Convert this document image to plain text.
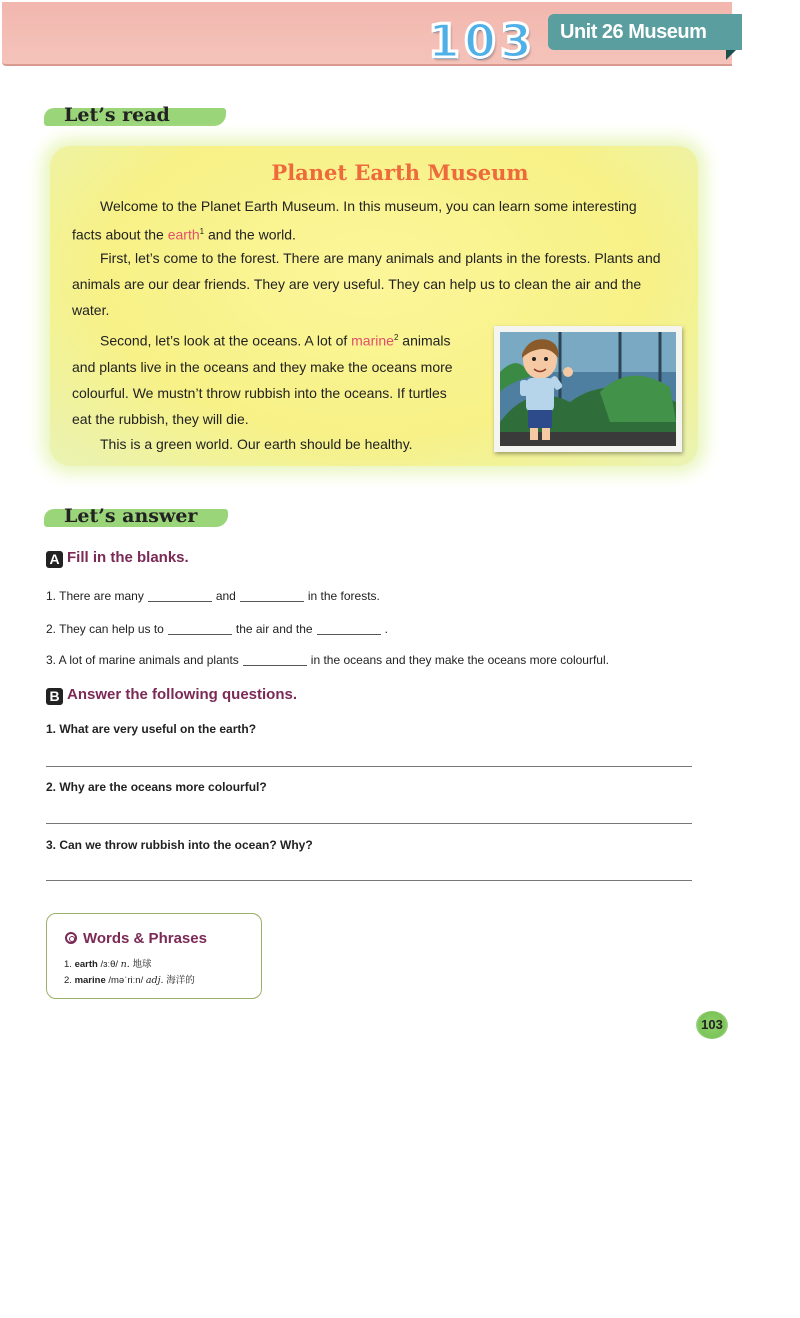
103	Unit 26 Museum
Let’s read
Planet Earth Museum
Welcome to the Planet Earth Museum. In this museum, you can learn some interesting
facts about the earth$^1$ and the world.
First, let’s come to the forest. There are many animals and plants in the forests. Plants and
animals are our dear friends. They are very useful. They can help us to clean the air and the
water.
Second, let’s look at the oceans. A lot of marine$^2$ animals
and plants live in the oceans and they make the oceans more
colourful. We mustn’t throw rubbish into the oceans. If turtles
eat the rubbish, they will die.
This is a green world. Our earth should be healthy.
Let’s answer
A Fill in the blanks.
1. There are many	and	in the forests.
2. They can help us to	the air and the	.
3. A lot of marine animals and plants	in the oceans and they make the oceans more colourful.
B Answer the following questions.
1. What are very useful on the earth?
2. Why are the oceans more colourful?
3. Can we throw rubbish into the ocean? Why?
Words & Phrases
1. earth /ɜːθ/ n. 地球
2. marine /məˈriːn/ adj. 海洋的
103
